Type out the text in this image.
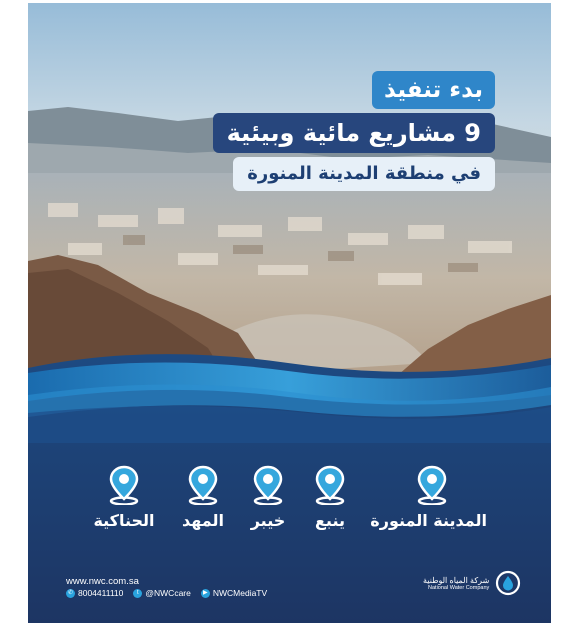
بدء تنفيذ
9 مشاريع مائية وبيئية
في منطقة المدينة المنورة
المدينة المنورة
ينبع
خيبر
المهد
الحناكية
www.nwc.com.sa
✆ 8004411110	t @NWCcare	▶ NWCMediaTV
شركة المياه الوطنية
National Water Company
